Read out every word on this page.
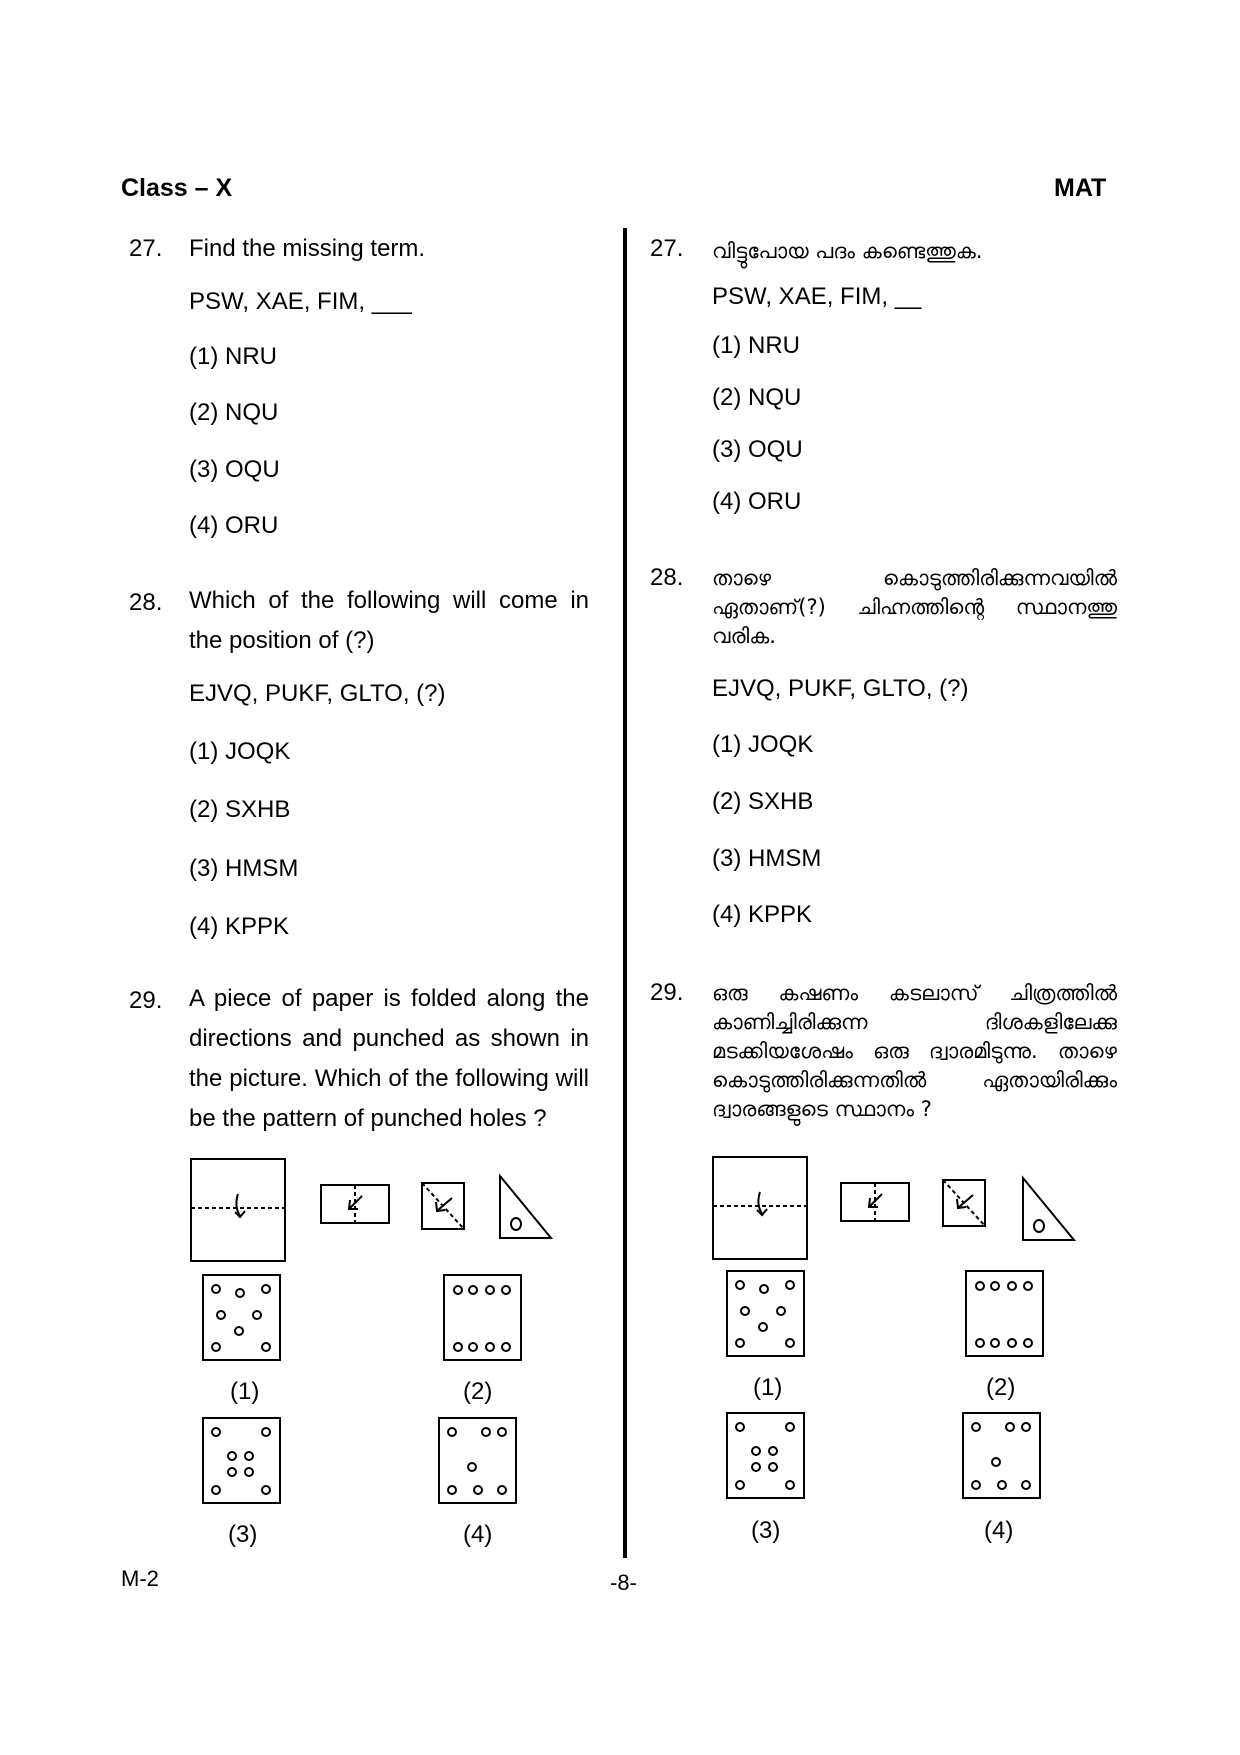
Class – X	MAT
27. Find the missing term.
PSW, XAE, FIM, ___
(1) NRU
(2) NQU
(3) OQU
(4) ORU
28. Which of the following will come in the position of (?)
EJVQ, PUKF, GLTO, (?)
(1) JOQK
(2) SXHB
(3) HMSM
(4) KPPK
29. A piece of paper is folded along the directions and punched as shown in the picture. Which of the following will be the pattern of punched holes ?
(1)	(2)
(3)	(4)
27. വിട്ടുപോയ പദം കണ്ടെത്തുക.
PSW, XAE, FIM, __
(1) NRU
(2) NQU
(3) OQU
(4) ORU
28. താഴെ കൊടുത്തിരിക്കുന്നവയിൽ ഏതാണ്(?) ചിഹ്നത്തിന്റെ സ്ഥാനത്തു വരിക.
EJVQ, PUKF, GLTO, (?)
(1) JOQK
(2) SXHB
(3) HMSM
(4) KPPK
29. ഒരു കഷണം കടലാസ് ചിത്രത്തിൽ കാണിച്ചിരിക്കുന്ന ദിശകളിലേക്കു മടക്കിയശേഷം ഒരു ദ്വാരമിടുന്നു. താഴെ കൊടുത്തിരിക്കുന്നതിൽ ഏതായിരിക്കും ദ്വാരങ്ങളുടെ സ്ഥാനം ?
(1)	(2)
(3)	(4)
M-2	-8-
